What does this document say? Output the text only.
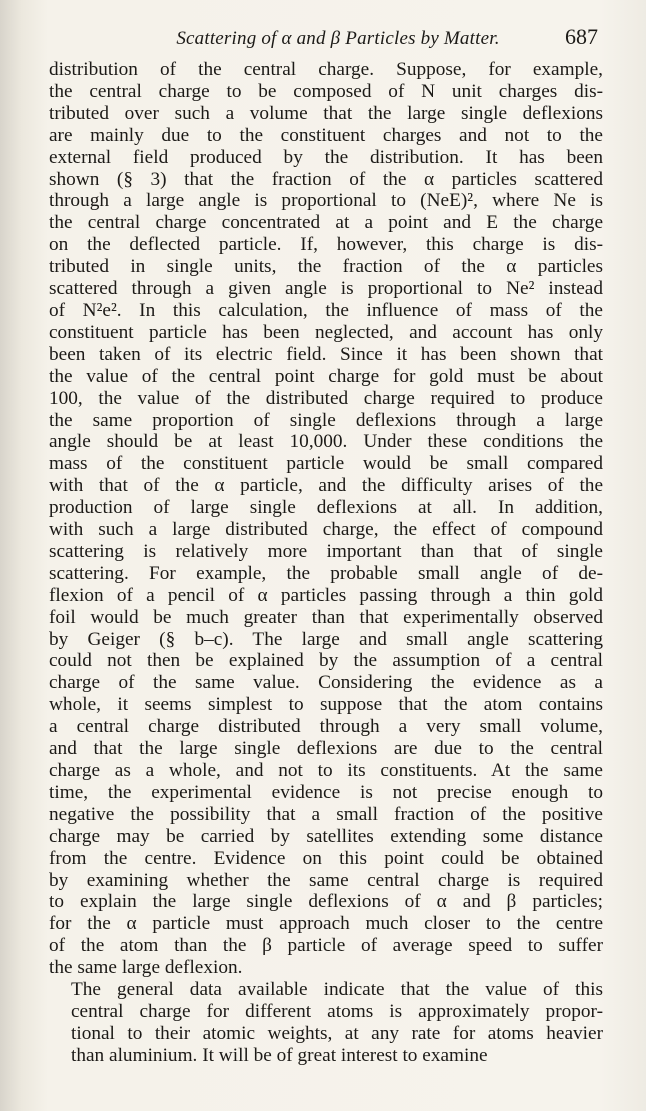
Scattering of α and β Particles by Matter.	687
distribution of the central charge. Suppose, for example,
the central charge to be composed of N unit charges dis-
tributed over such a volume that the large single deflexions
are mainly due to the constituent charges and not to the
external field produced by the distribution. It has been
shown (§ 3) that the fraction of the α particles scattered
through a large angle is proportional to (NeE)², where Ne is
the central charge concentrated at a point and E the charge
on the deflected particle. If, however, this charge is dis-
tributed in single units, the fraction of the α particles
scattered through a given angle is proportional to Ne² instead
of N²e². In this calculation, the influence of mass of the
constituent particle has been neglected, and account has only
been taken of its electric field. Since it has been shown that
the value of the central point charge for gold must be about
100, the value of the distributed charge required to produce
the same proportion of single deflexions through a large
angle should be at least 10,000. Under these conditions the
mass of the constituent particle would be small compared
with that of the α particle, and the difficulty arises of the
production of large single deflexions at all. In addition,
with such a large distributed charge, the effect of compound
scattering is relatively more important than that of single
scattering. For example, the probable small angle of de-
flexion of a pencil of α particles passing through a thin gold
foil would be much greater than that experimentally observed
by Geiger (§ b–c). The large and small angle scattering
could not then be explained by the assumption of a central
charge of the same value. Considering the evidence as a
whole, it seems simplest to suppose that the atom contains
a central charge distributed through a very small volume,
and that the large single deflexions are due to the central
charge as a whole, and not to its constituents. At the same
time, the experimental evidence is not precise enough to
negative the possibility that a small fraction of the positive
charge may be carried by satellites extending some distance
from the centre. Evidence on this point could be obtained
by examining whether the same central charge is required
to explain the large single deflexions of α and β particles;
for the α particle must approach much closer to the centre
of the atom than the β particle of average speed to suffer
the same large deflexion.
The general data available indicate that the value of this
central charge for different atoms is approximately propor-
tional to their atomic weights, at any rate for atoms heavier
than aluminium. It will be of great interest to examine
